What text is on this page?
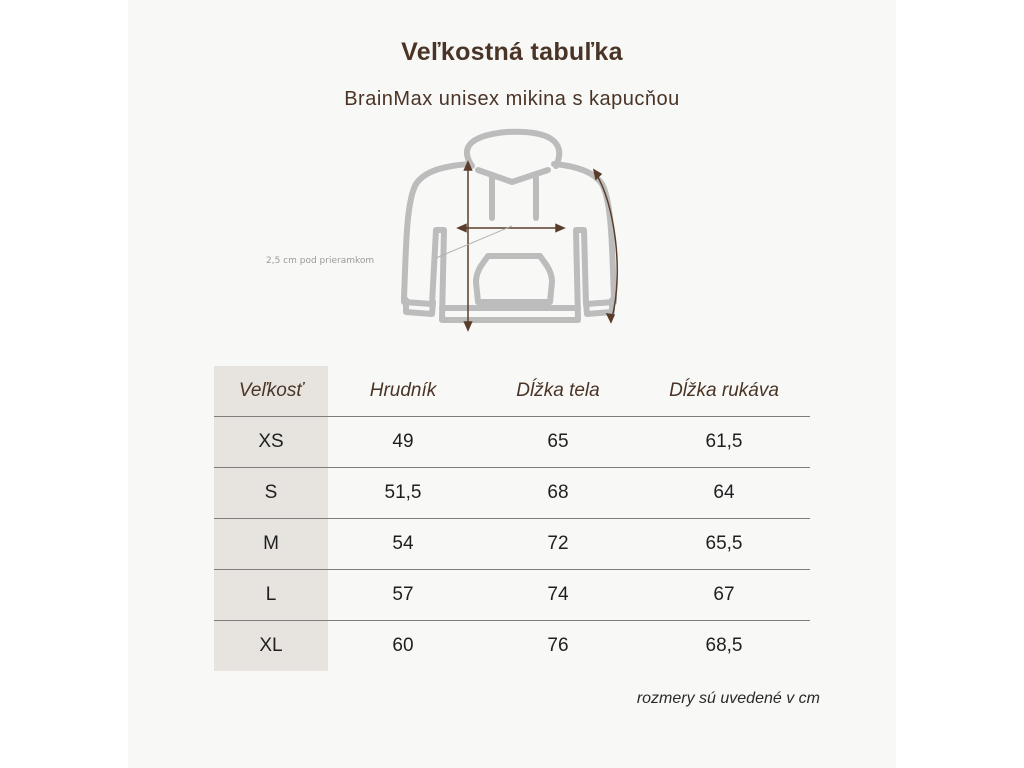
Veľkostná tabuľka
BrainMax unisex mikina s kapucňou
2,5 cm pod prieramkom
Veľkosť	Hrudník	Dĺžka tela	Dĺžka rukáva
XS	49	65	61,5
S	51,5	68	64
M	54	72	65,5
L	57	74	67
XL	60	76	68,5
rozmery sú uvedené v cm
